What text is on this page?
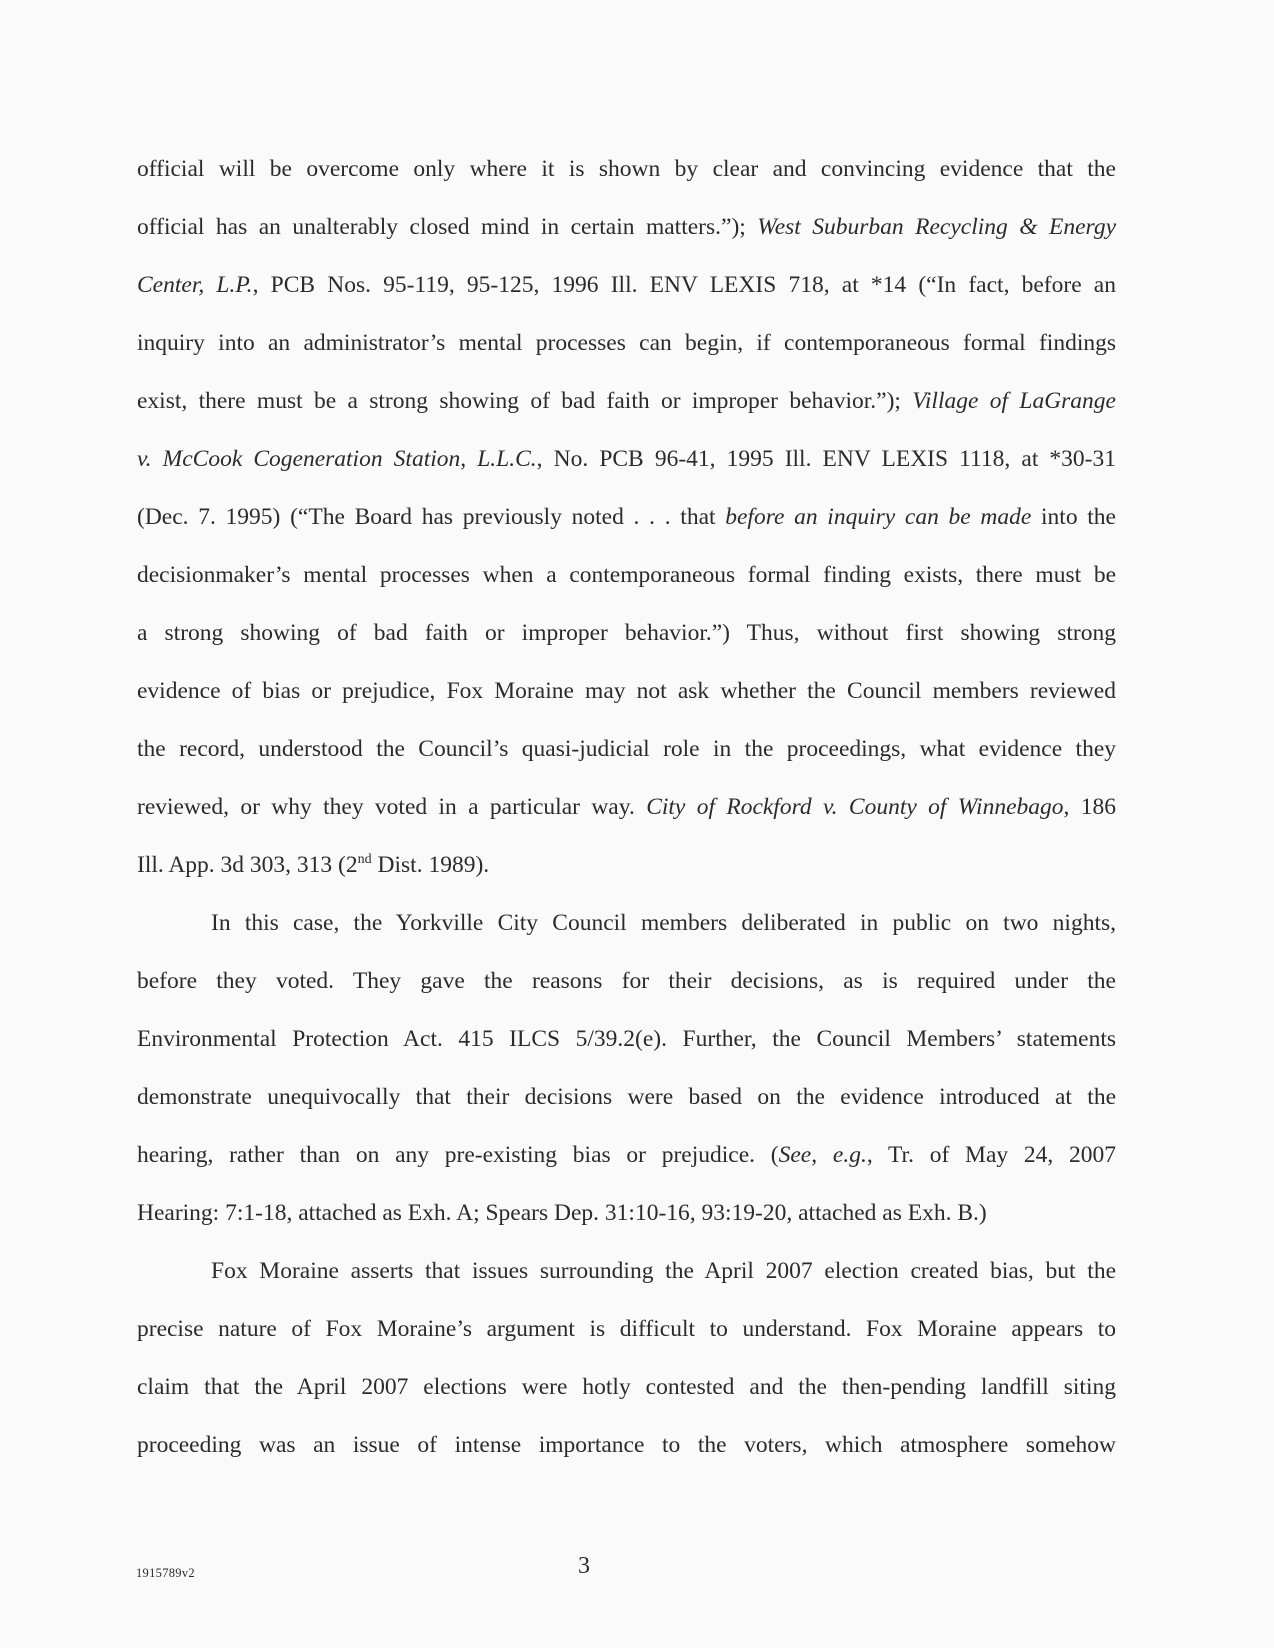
official will be overcome only where it is shown by clear and convincing evidence that the
official has an unalterably closed mind in certain matters.”); West Suburban Recycling & Energy
Center, L.P., PCB Nos. 95-119, 95-125, 1996 Ill. ENV LEXIS 718, at *14 (“In fact, before an
inquiry into an administrator’s mental processes can begin, if contemporaneous formal findings
exist, there must be a strong showing of bad faith or improper behavior.”); Village of LaGrange
v. McCook Cogeneration Station, L.L.C., No. PCB 96-41, 1995 Ill. ENV LEXIS 1118, at *30-31
(Dec. 7. 1995) (“The Board has previously noted . . . that before an inquiry can be made into the
decisionmaker’s mental processes when a contemporaneous formal finding exists, there must be
a strong showing of bad faith or improper behavior.”) Thus, without first showing strong
evidence of bias or prejudice, Fox Moraine may not ask whether the Council members reviewed
the record, understood the Council’s quasi-judicial role in the proceedings, what evidence they
reviewed, or why they voted in a particular way. City of Rockford v. County of Winnebago, 186
Ill. App. 3d 303, 313 (2nd Dist. 1989).
In this case, the Yorkville City Council members deliberated in public on two nights,
before they voted. They gave the reasons for their decisions, as is required under the
Environmental Protection Act. 415 ILCS 5/39.2(e). Further, the Council Members’ statements
demonstrate unequivocally that their decisions were based on the evidence introduced at the
hearing, rather than on any pre-existing bias or prejudice. (See, e.g., Tr. of May 24, 2007
Hearing: 7:1-18, attached as Exh. A; Spears Dep. 31:10-16, 93:19-20, attached as Exh. B.)
Fox Moraine asserts that issues surrounding the April 2007 election created bias, but the
precise nature of Fox Moraine’s argument is difficult to understand. Fox Moraine appears to
claim that the April 2007 elections were hotly contested and the then-pending landfill siting
proceeding was an issue of intense importance to the voters, which atmosphere somehow
1915789v2	3
